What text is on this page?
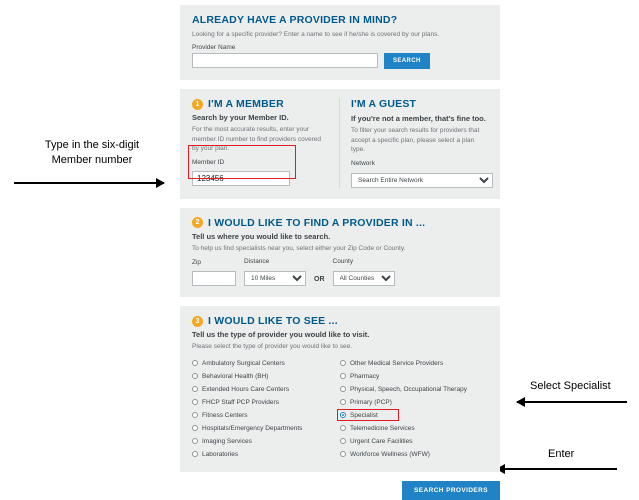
Type in the six-digit
Member number
Select Specialist
Enter
ALREADY HAVE A PROVIDER IN MIND?
Looking for a specific provider? Enter a name to see if he/she is covered by our plans.
Provider Name
SEARCH
1 I'M A MEMBER
Search by your Member ID.
For the most accurate results, enter your member ID number to find providers covered by your plan.
Member ID
123456
I'M A GUEST
If you're not a member, that's fine too.
To filter your search results for providers that accept a specific plan, please select a plan type.
Network
Search Entire Network
2 I WOULD LIKE TO FIND A PROVIDER IN ...
Tell us where you would like to search.
To help us find specialists near you, select either your Zip Code or County.
Zip	Distance
10 Miles
OR
County
All Counties
3 I WOULD LIKE TO SEE ...
Tell us the type of provider you would like to visit.
Please select the type of provider you would like to see.
Ambulatory Surgical Centers
Behavioral Health (BH)
Extended Hours Care Centers
FHCP Staff PCP Providers
Fitness Centers
Hospitals/Emergency Departments
Imaging Services
Laboratories
Other Medical Service Providers
Pharmacy
Physical, Speech, Occupational Therapy
Primary (PCP)
Specialist
Telemedicine Services
Urgent Care Facilities
Workforce Wellness (WFW)
SEARCH PROVIDERS
